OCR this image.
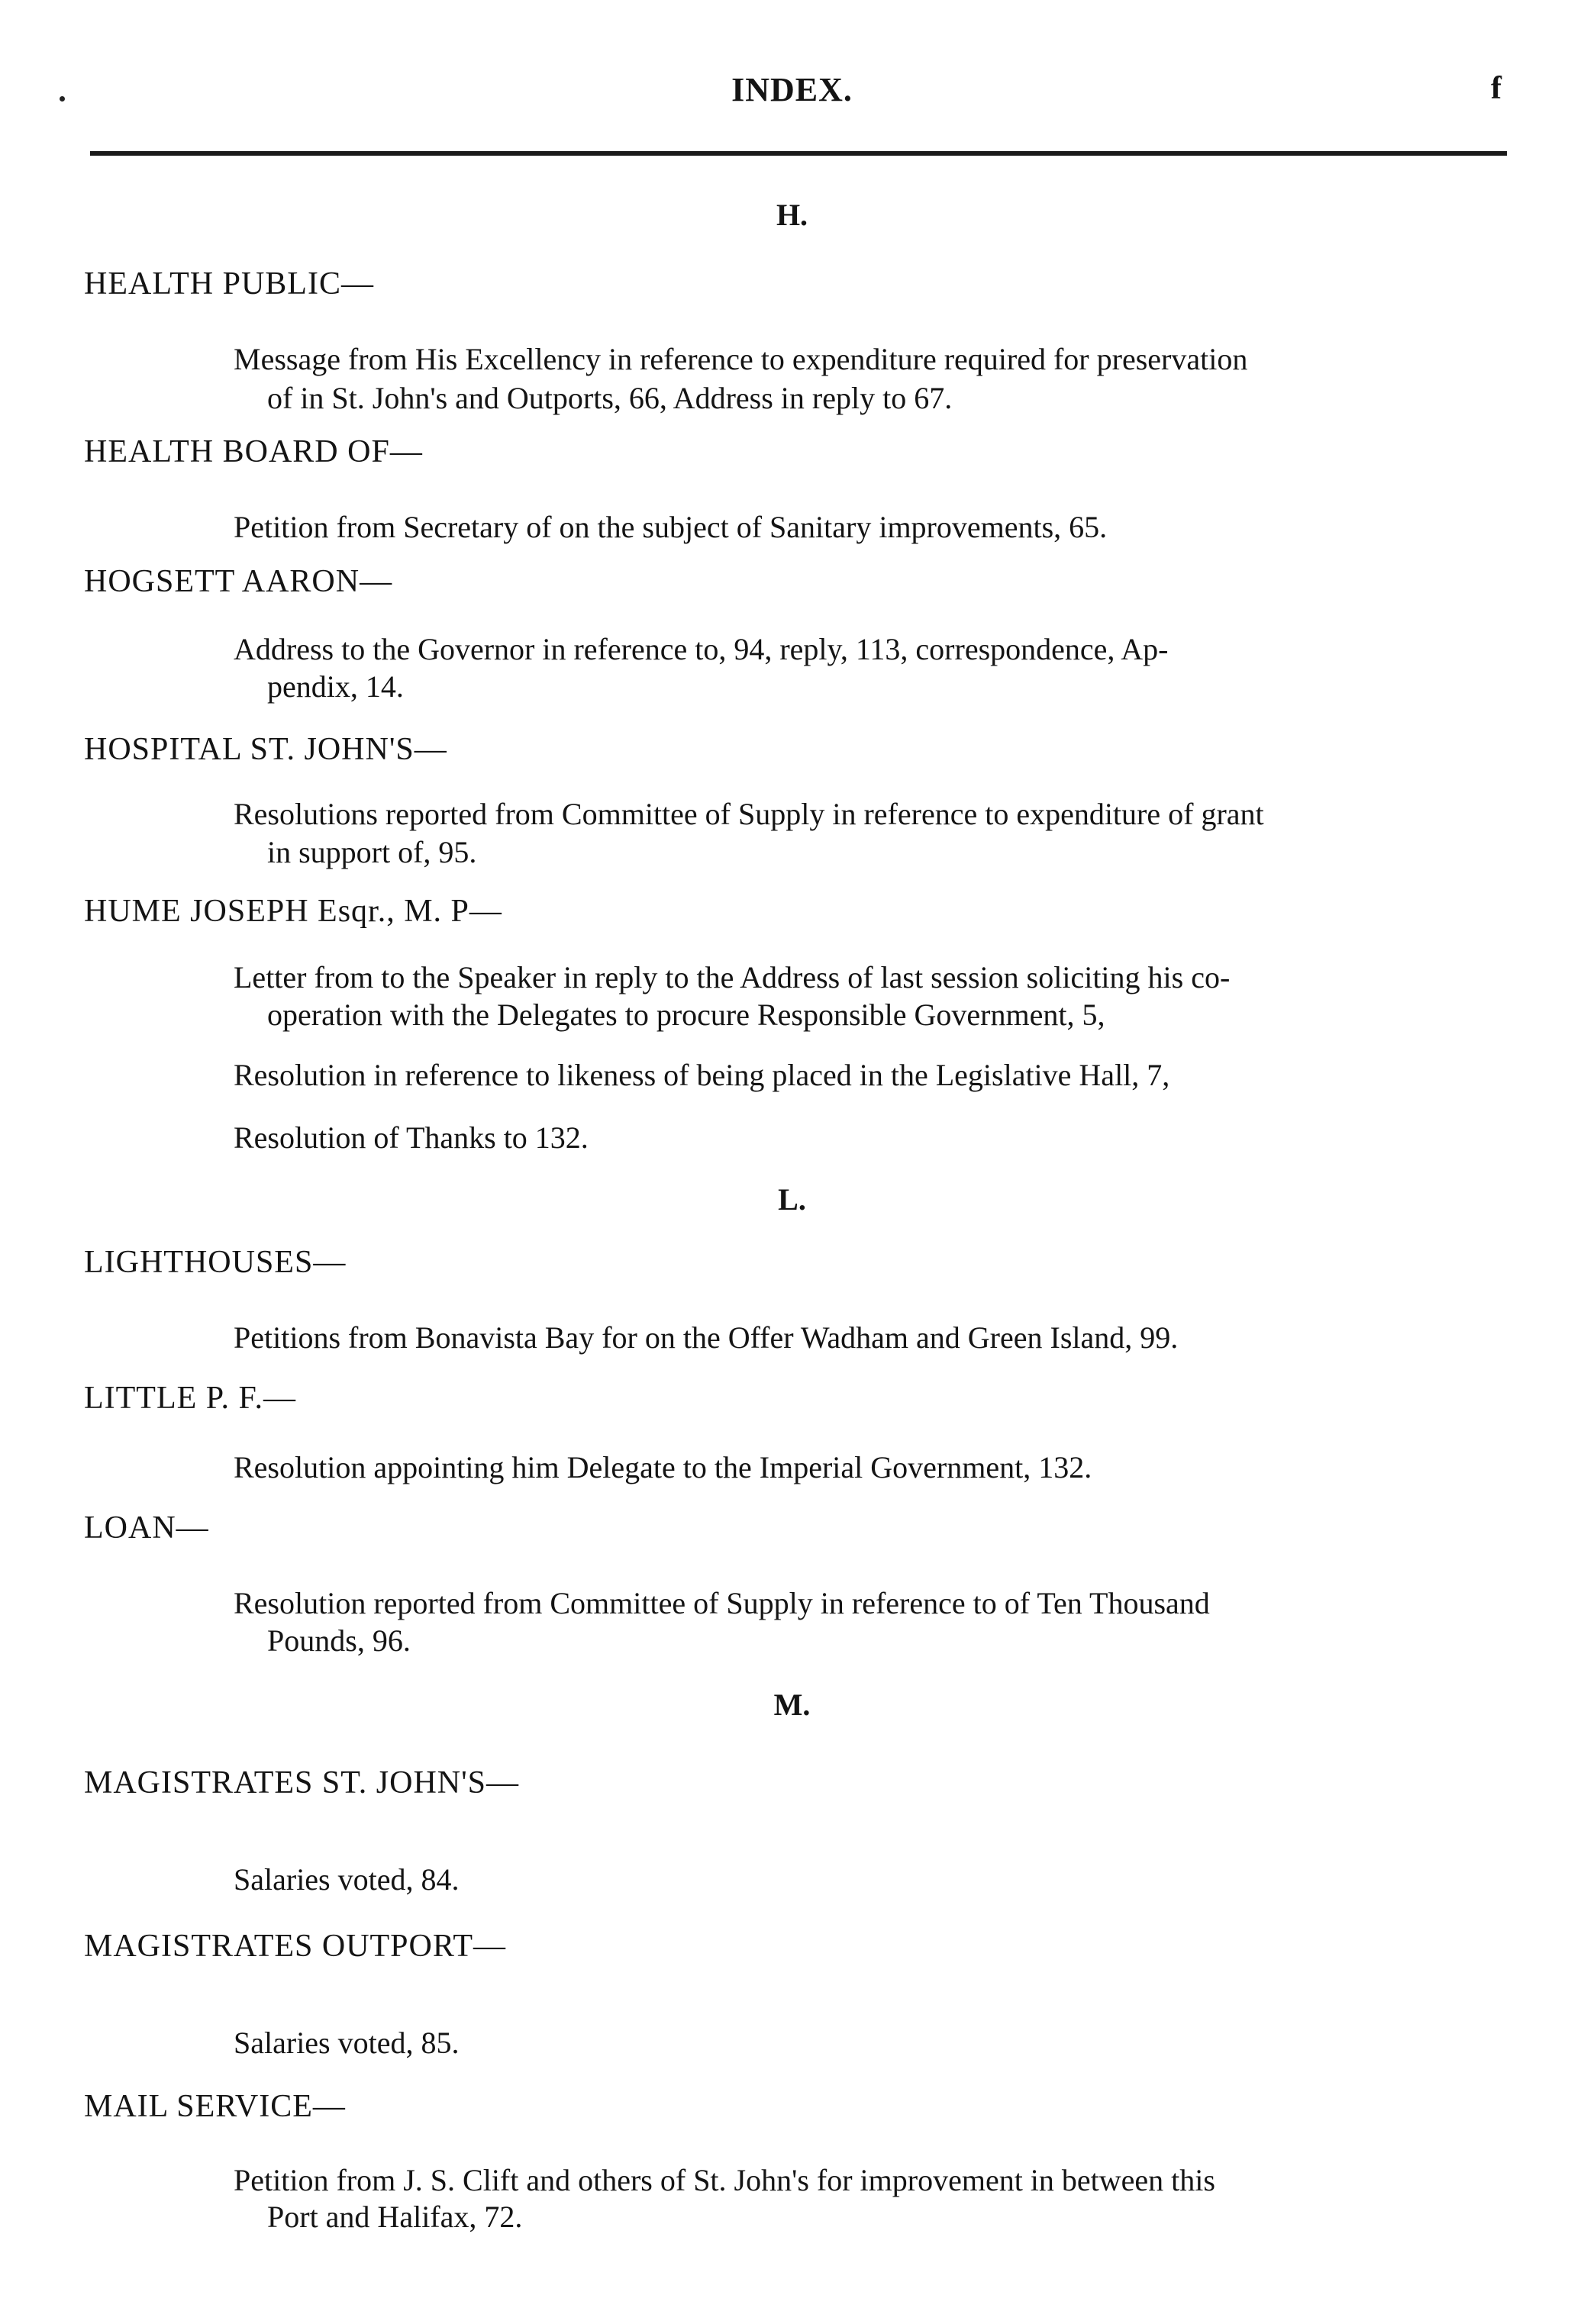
INDEX.	f
H.
HEALTH PUBLIC—
Message from His Excellency in reference to expenditure required for preservation
of in St. John's and Outports, 66, Address in reply to 67.
HEALTH BOARD OF—
Petition from Secretary of on the subject of Sanitary improvements, 65.
HOGSETT AARON—
Address to the Governor in reference to, 94, reply, 113, correspondence, Ap-
pendix, 14.
HOSPITAL ST. JOHN'S—
Resolutions reported from Committee of Supply in reference to expenditure of grant
in support of, 95.
HUME JOSEPH Esqr., M. P—
Letter from to the Speaker in reply to the Address of last session soliciting his co-
operation with the Delegates to procure Responsible Government, 5,
Resolution in reference to likeness of being placed in the Legislative Hall, 7,
Resolution of Thanks to 132.
L.
LIGHTHOUSES—
Petitions from Bonavista Bay for on the Offer Wadham and Green Island, 99.
LITTLE P. F.—
Resolution appointing him Delegate to the Imperial Government, 132.
LOAN—
Resolution reported from Committee of Supply in reference to of Ten Thousand
Pounds, 96.
M.
MAGISTRATES ST. JOHN'S—
Salaries voted, 84.
MAGISTRATES OUTPORT—
Salaries voted, 85.
MAIL SERVICE—
Petition from J. S. Clift and others of St. John's for improvement in between this
Port and Halifax, 72.
